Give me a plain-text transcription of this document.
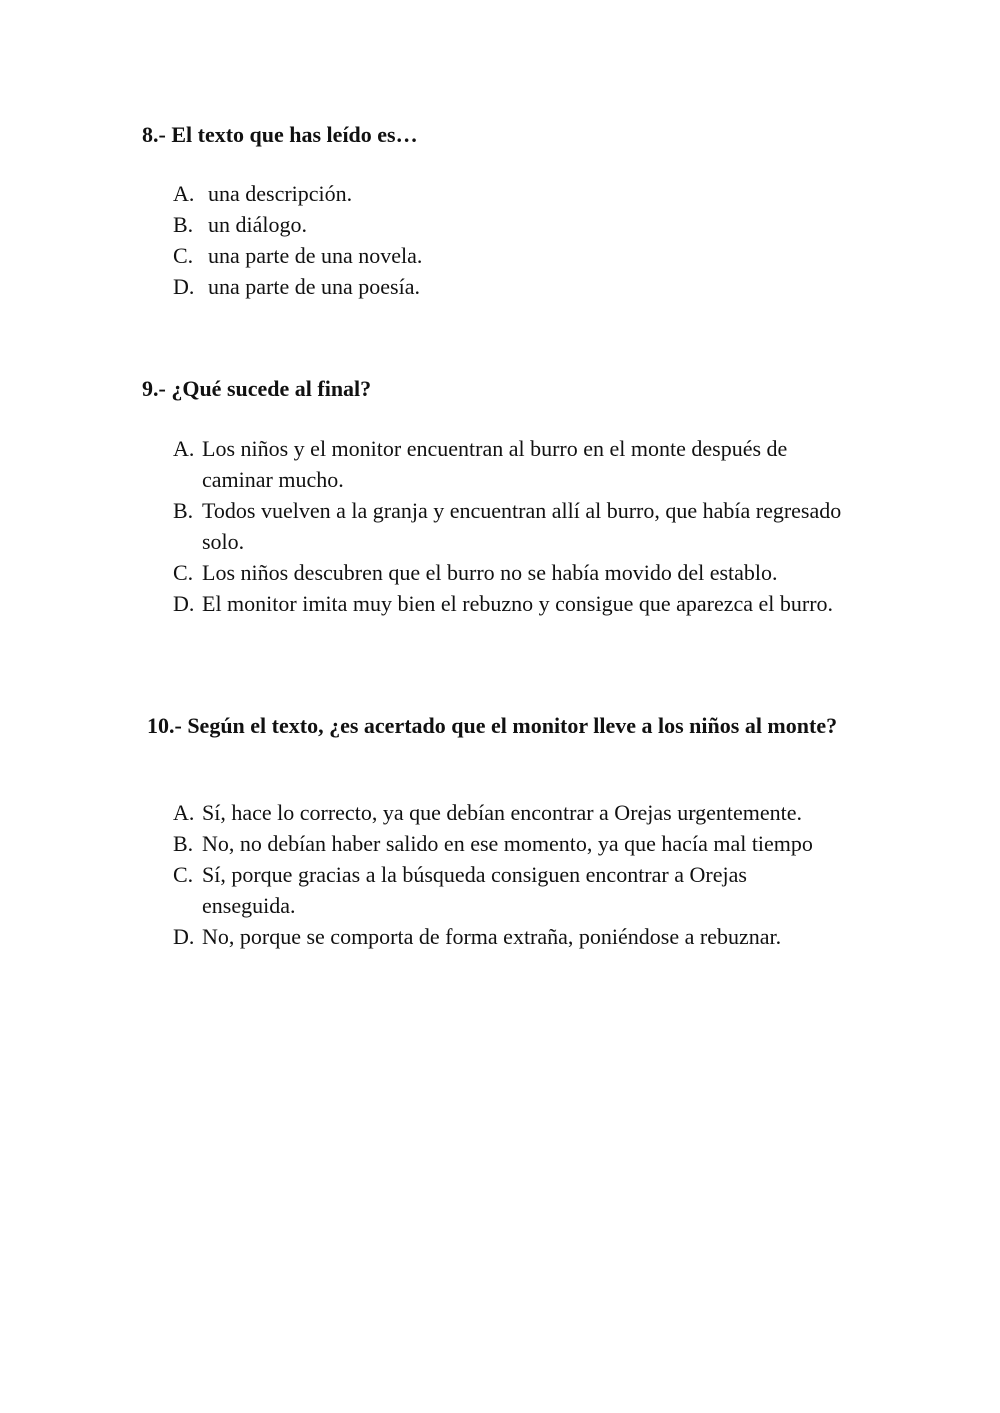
8.- El texto que has leído es…
A. una descripción.
B. un diálogo.
C. una parte de una novela.
D. una parte de una poesía.
9.- ¿Qué sucede al final?
A. Los niños y el monitor encuentran al burro en el monte después de caminar mucho.
B. Todos vuelven a la granja y encuentran allí al burro, que había regresado solo.
C. Los niños descubren que el burro no se había movido del establo.
D. El monitor imita muy bien el rebuzno y consigue que aparezca el burro.
10.- Según el texto, ¿es acertado que el monitor lleve a los niños al monte?
A. Sí, hace lo correcto, ya que debían encontrar a Orejas urgentemente.
B. No, no debían haber salido en ese momento, ya que hacía mal tiempo
C. Sí, porque gracias a la búsqueda consiguen encontrar a Orejas enseguida.
D. No, porque se comporta de forma extraña, poniéndose a rebuznar.
